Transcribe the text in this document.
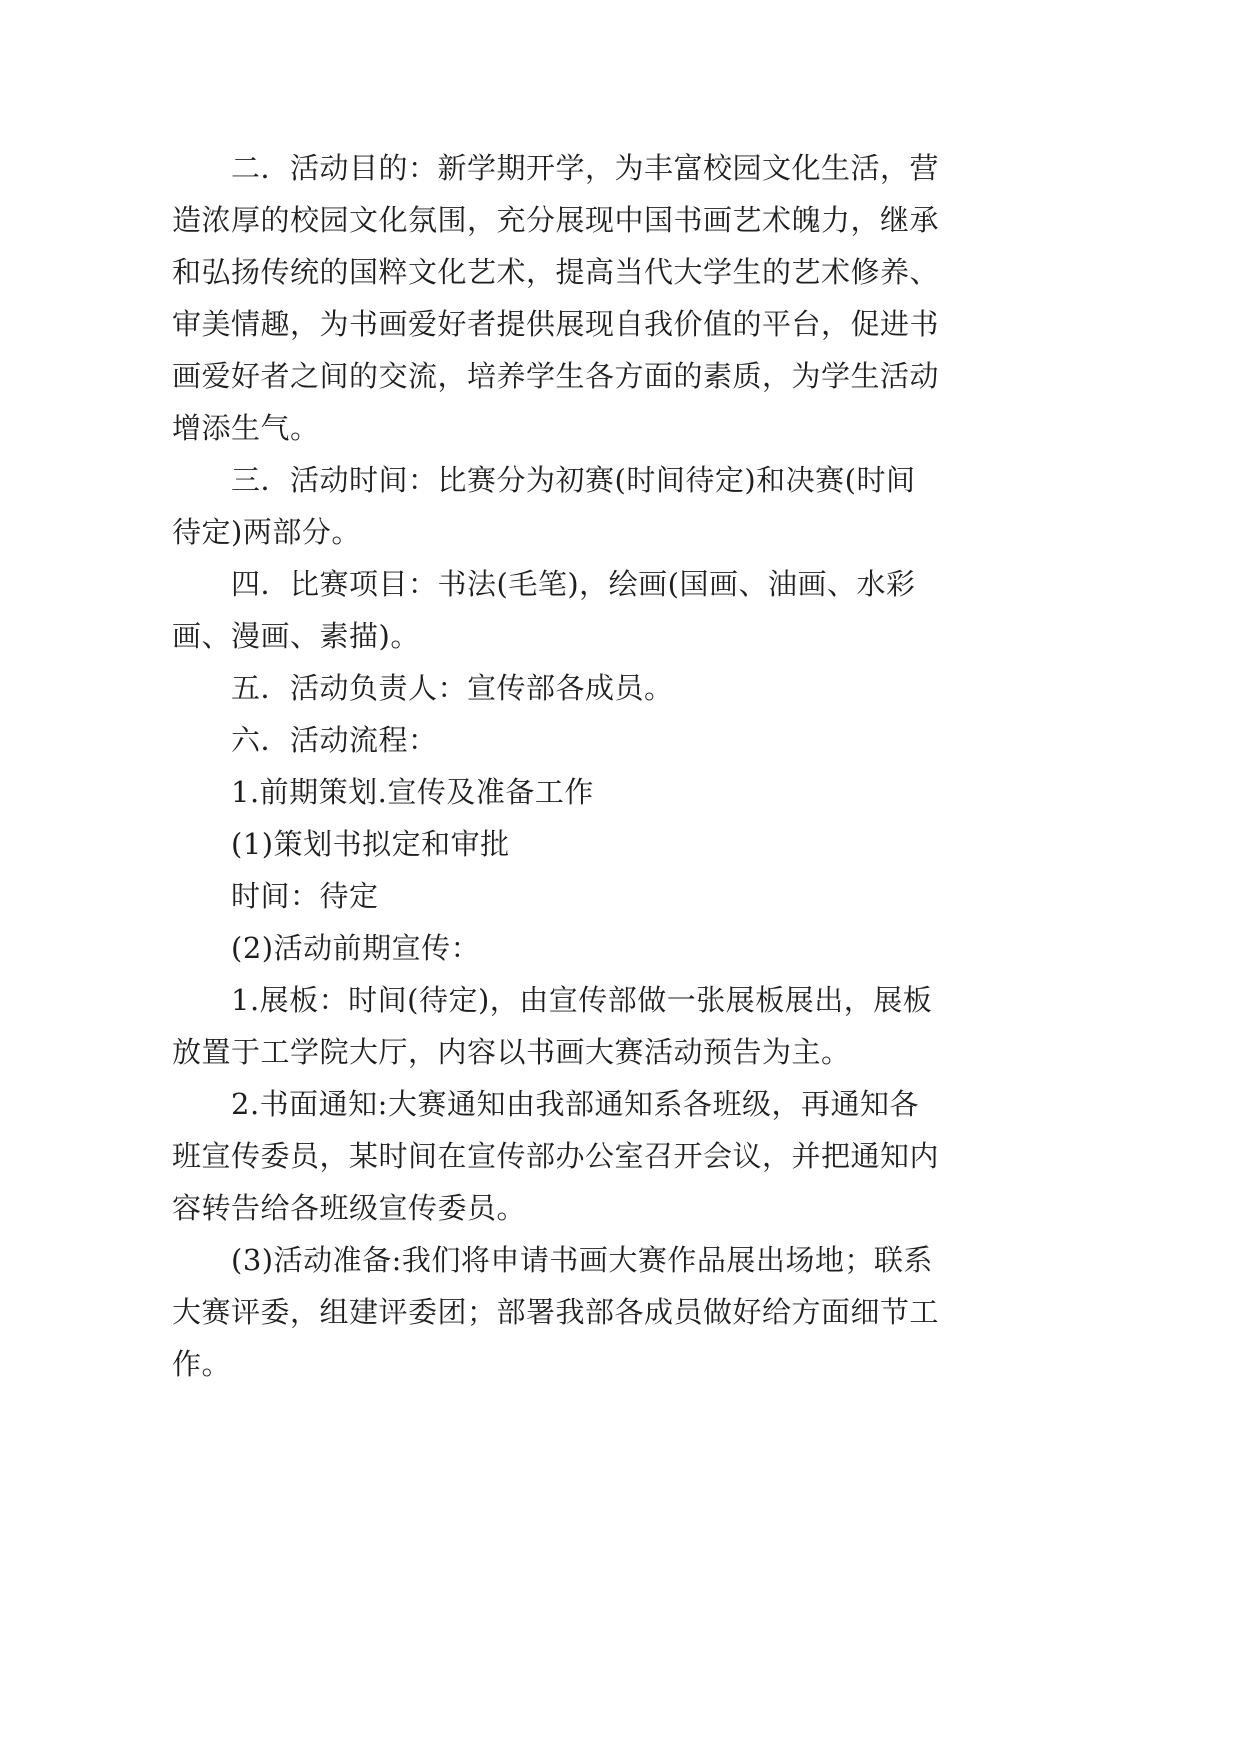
二．活动目的：新学期开学，为丰富校园文化生活，营
造浓厚的校园文化氛围，充分展现中国书画艺术魄力，继承
和弘扬传统的国粹文化艺术，提高当代大学生的艺术修养、
审美情趣，为书画爱好者提供展现自我价值的平台，促进书
画爱好者之间的交流，培养学生各方面的素质，为学生活动
增添生气。
三．活动时间：比赛分为初赛(时间待定)和决赛(时间
待定)两部分。
四．比赛项目：书法(毛笔)，绘画(国画、油画、水彩
画、漫画、素描)。
五．活动负责人：宣传部各成员。
六．活动流程：
1.前期策划.宣传及准备工作
(1)策划书拟定和审批
时间：待定
(2)活动前期宣传：
1.展板：时间(待定)，由宣传部做一张展板展出，展板
放置于工学院大厅，内容以书画大赛活动预告为主。
2.书面通知:大赛通知由我部通知系各班级，再通知各
班宣传委员，某时间在宣传部办公室召开会议，并把通知内
容转告给各班级宣传委员。
(3)活动准备:我们将申请书画大赛作品展出场地；联系
大赛评委，组建评委团；部署我部各成员做好给方面细节工
作。
